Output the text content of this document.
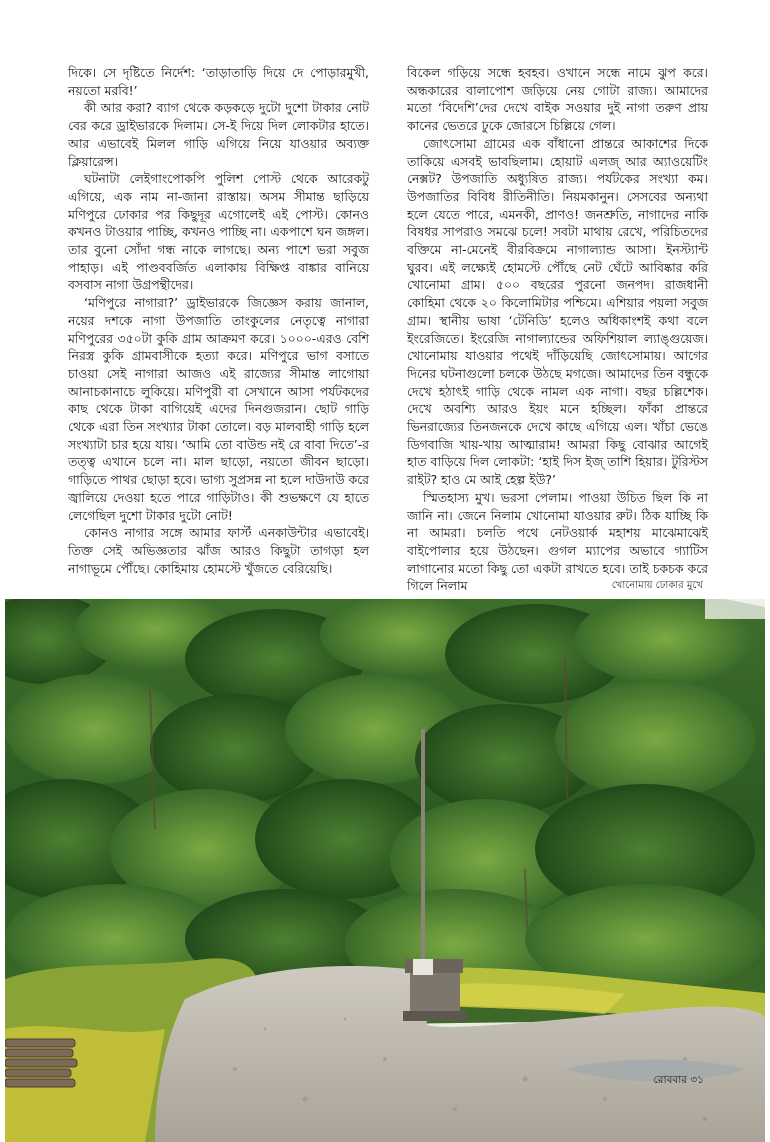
দিকে। সে দৃষ্টিতে নির্দেশ: ‘তাড়াতাড়ি দিয়ে দে পোড়ারমুখী, নয়তো মরবি!’

কী আর করা? ব্যাগ থেকে কড়কড়ে দুটো দুশো টাকার নোট বের করে ড্রাইভারকে দিলাম। সে-ই দিয়ে দিল লোকটার হাতে। আর এভাবেই মিলল গাড়ি এগিয়ে নিয়ে যাওয়ার অব্যক্ত ক্লিয়ারেন্স।

ঘটনাটা লেইগাংপোকপি পুলিশ পোস্ট থেকে আরেকটু এগিয়ে, এক নাম না-জানা রাস্তায়। অসম সীমান্ত ছাড়িয়ে মণিপুরে ঢোকার পর কিছুদূর এগোলেই এই পোস্ট। কোনও কখনও টাওয়ার পাচ্ছি, কখনও পাচ্ছি না। একপাশে ঘন জঙ্গল। তার বুনো সোঁদা গন্ধ নাকে লাগছে। অন্য পাশে ভরা সবুজ পাহাড়। এই পাণ্ডববর্জিত এলাকায় বিক্ষিপ্ত বাঙ্কার বানিয়ে বসবাস নাগা উগ্রপন্থীদের।

‘মণিপুরে নাগারা?’ ড্রাইভারকে জিজ্ঞেস করায় জানাল, নয়ের দশকে নাগা উপজাতি তাংকুলের নেতৃত্বে নাগারা মণিপুরের ৩৫০টা কুকি গ্রাম আক্রমণ করে। ১০০০-এরও বেশি নিরস্ত্র কুকি গ্রামবাসীকে হত্যা করে। মণিপুরে ভাগ বসাতে চাওয়া সেই নাগারা আজও এই রাজ্যের সীমান্ত লাগোয়া আনাচকানাচে লুকিয়ে। মণিপুরী বা সেখানে আসা পর্যটকদের কাছ থেকে টাকা বাগিয়েই এদের দিনগুজরান। ছোট গাড়ি থেকে এরা তিন সংখ্যার টাকা তোলে। বড় মালবাহী গাড়ি হলে সংখ্যাটা চার হয়ে যায়। ‘আমি তো বাউন্ড নই রে বাবা দিতে’-র তত্ত্ব এখানে চলে না। মাল ছাড়ো, নয়তো জীবন ছাড়ো। গাড়িতে পাথর ছোড়া হবে। ভাগ্য সুপ্রসন্ন না হলে দাউদাউ করে জ্বালিয়ে দেওয়া হতে পারে গাড়িটাও। কী শুভক্ষণে যে হাতে লেগেছিল দুশো টাকার দুটো নোট!

কোনও নাগার সঙ্গে আমার ফার্স্ট এনকাউন্টার এভাবেই। তিক্ত সেই অভিজ্ঞতার ঝাঁজ আরও কিছুটা তাগড়া হল নাগাভূমে পৌঁছে। কোহিমায় হোমস্টে খুঁজতে বেরিয়েছি।

বিকেল গড়িয়ে সন্ধে হবহব। ওখানে সন্ধে নামে ঝুপ করে। অন্ধকারের বালাপোশ জড়িয়ে নেয় গোটা রাজ্য। আমাদের মতো ‘বিদেশি’দের দেখে বাইক সওয়ার দুই নাগা তরুণ প্রায় কানের ভেতরে ঢুকে জোরসে চিল্লিয়ে গেল।

জোৎসোমা গ্রামের এক বাঁধানো প্রান্তরে আকাশের দিকে তাকিয়ে এসবই ভাবছিলাম। হোয়াট এলজ্ আর অ্যাওয়েটিং নেক্সট? উপজাতি অধ্যুষিত রাজ্য। পর্যটকের সংখ্যা কম। উপজাতির বিবিধ রীতিনীতি। নিয়মকানুন। সেসবের অন্যথা হলে যেতে পারে, এমনকী, প্রাণও! জনশ্রুতি, নাগাদের নাকি বিষধর সাপরাও সমঝে চলে! সবটা মাথায় রেখে, পরিচিতদের বক্তিমে না-মেনেই বীরবিক্রমে নাগাল্যান্ড আসা। ইনস্ট্যান্ট ঘুরব। এই লক্ষ্যেই হোমস্টে পৌঁছে নেট ঘেঁটে আবিষ্কার করি খোনোমা গ্রাম। ৫০০ বছরের পুরনো জনপদ। রাজধানী কোহিমা থেকে ২০ কিলোমিটার পশ্চিমে। এশিয়ার পয়লা সবুজ গ্রাম। স্থানীয় ভাষা ‘টেনিডি’ হলেও অধিকাংশই কথা বলে ইংরেজিতে। ইংরেজি নাগাল্যান্ডের অফিশিয়াল ল্যাঙ্গুয়েজ। খোনোমায় যাওয়ার পথেই দাঁড়িয়েছি জোৎসোমায়। আগের দিনের ঘটনাগুলো চলকে উঠছে মগজে। আমাদের তিন বন্ধুকে দেখে হঠাৎই গাড়ি থেকে নামল এক নাগা। বছর চল্লিশেক। দেখে অবশ্যি আরও ইয়ং মনে হচ্ছিল। ফাঁকা প্রান্তরে ভিনরাজ্যের তিনজনকে দেখে কাছে এগিয়ে এল। খাঁচা ভেঙে ডিগবাজি খায়-খায় আত্মারাম! আমরা কিছু বোঝার আগেই হাত বাড়িয়ে দিল লোকটা: ‘হাই দিস ইজ্ তাশি হিয়ার। টুরিস্টস রাইট? হাও মে আই হেল্প ইউ?’

স্মিতহাস্য মুখ। ভরসা পেলাম। পাওয়া উচিত ছিল কি না জানি না। জেনে নিলাম খোনোমা যাওয়ার রুট। ঠিক যাচ্ছি কি না আমরা। চলতি পথে নেটওয়ার্ক মহাশয় মাঝেমাঝেই বাইপোলার হয়ে উঠছেন। গুগল ম্যাপের অভাবে গ্যাটিস লাগানোর মতো কিছু তো একটা রাখতে হবে। তাই চকচক করে গিলে নিলাম	খোনোমায় ঢোকার মুখে
রোববার ৩১
